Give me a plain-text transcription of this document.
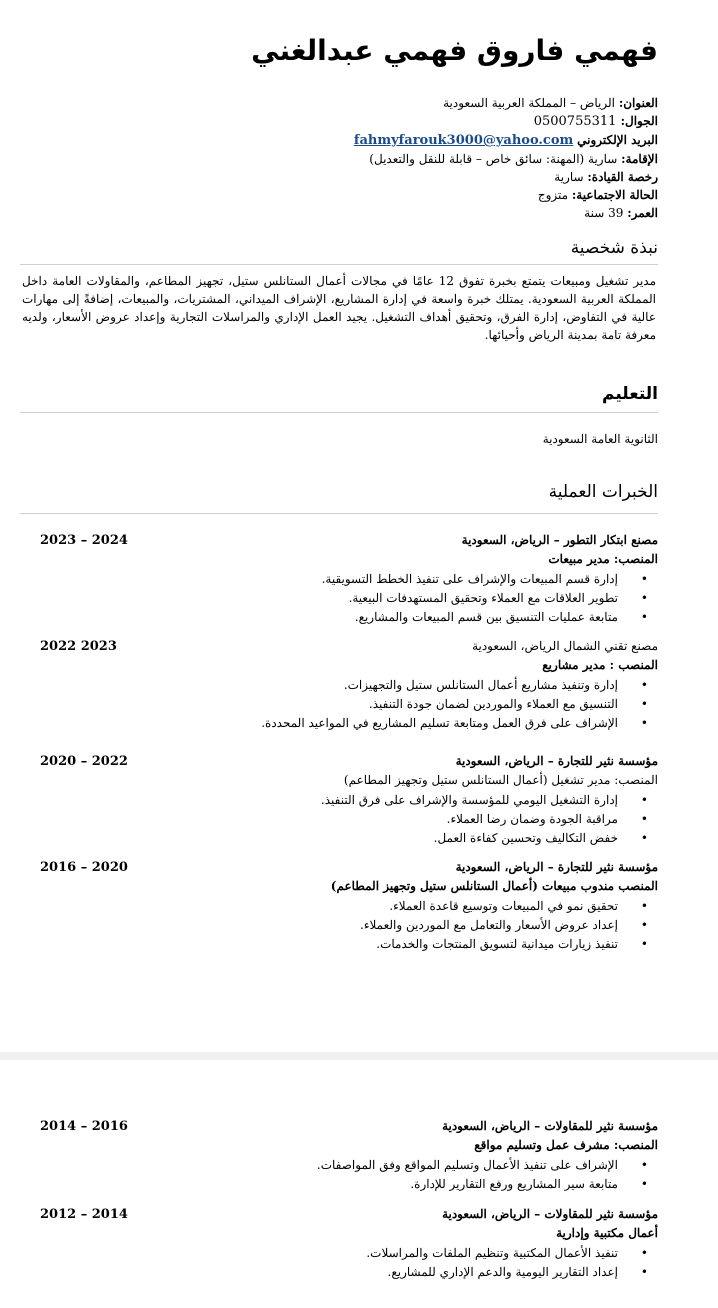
فهمي فاروق فهمي عبدالغني
العنوان: الرياض – المملكة العربية السعودية
الجوال: 0500755311
البريد الإلكتروني fahmyfarouk3000@yahoo.com
الإقامة: سارية (المهنة: سائق خاص – قابلة للنقل والتعديل)
رخصة القيادة: سارية
الحالة الاجتماعية: متزوج
العمر: 39 سنة
نبذة شخصية
مدير تشغيل ومبيعات يتمتع بخبرة تفوق 12 عامًا في مجالات أعمال الستانلس ستيل، تجهيز المطاعم، والمقاولات العامة داخل المملكة العربية السعودية. يمتلك خبرة واسعة في إدارة المشاريع، الإشراف الميداني، المشتريات، والمبيعات، إضافةً إلى مهارات عالية في التفاوض، إدارة الفرق، وتحقيق أهداف التشغيل. يجيد العمل الإداري والمراسلات التجارية وإعداد عروض الأسعار، ولديه معرفة تامة بمدينة الرياض وأحيائها.
التعليم
الثانوية العامة السعودية
الخبرات العملية
مصنع ابتكار التطور – الرياض، السعودية
2023 – 2024
المنصب: مدير مبيعات
• إدارة قسم المبيعات والإشراف على تنفيذ الخطط التسويقية.
• تطوير العلاقات مع العملاء وتحقيق المستهدفات البيعية.
• متابعة عمليات التنسيق بين قسم المبيعات والمشاريع.
مصنع تقني الشمال الرياض، السعودية
2022 2023
المنصب : مدير مشاريع
• إدارة وتنفيذ مشاريع أعمال الستانلس ستيل والتجهيزات.
• التنسيق مع العملاء والموردين لضمان جودة التنفيذ.
• الإشراف على فرق العمل ومتابعة تسليم المشاريع في المواعيد المحددة.
مؤسسة نثير للتجارة – الرياض، السعودية
2020 – 2022
المنصب: مدير تشغيل (أعمال الستانلس ستيل وتجهيز المطاعم)
• إدارة التشغيل اليومي للمؤسسة والإشراف على فرق التنفيذ.
• مراقبة الجودة وضمان رضا العملاء.
• خفض التكاليف وتحسين كفاءة العمل.
مؤسسة نثير للتجارة – الرياض، السعودية
2016 – 2020
المنصب مندوب مبيعات (أعمال الستانلس ستيل وتجهيز المطاعم)
• تحقيق نمو في المبيعات وتوسيع قاعدة العملاء.
• إعداد عروض الأسعار والتعامل مع الموردين والعملاء.
• تنفيذ زيارات ميدانية لتسويق المنتجات والخدمات.
مؤسسة نثير للمقاولات – الرياض، السعودية
2014 – 2016
المنصب: مشرف عمل وتسليم مواقع
• الإشراف على تنفيذ الأعمال وتسليم المواقع وفق المواصفات.
• متابعة سير المشاريع ورفع التقارير للإدارة.
مؤسسة نثير للمقاولات – الرياض، السعودية
2012 – 2014
أعمال مكتبية وإدارية
• تنفيذ الأعمال المكتبية وتنظيم الملفات والمراسلات.
• إعداد التقارير اليومية والدعم الإداري للمشاريع.
